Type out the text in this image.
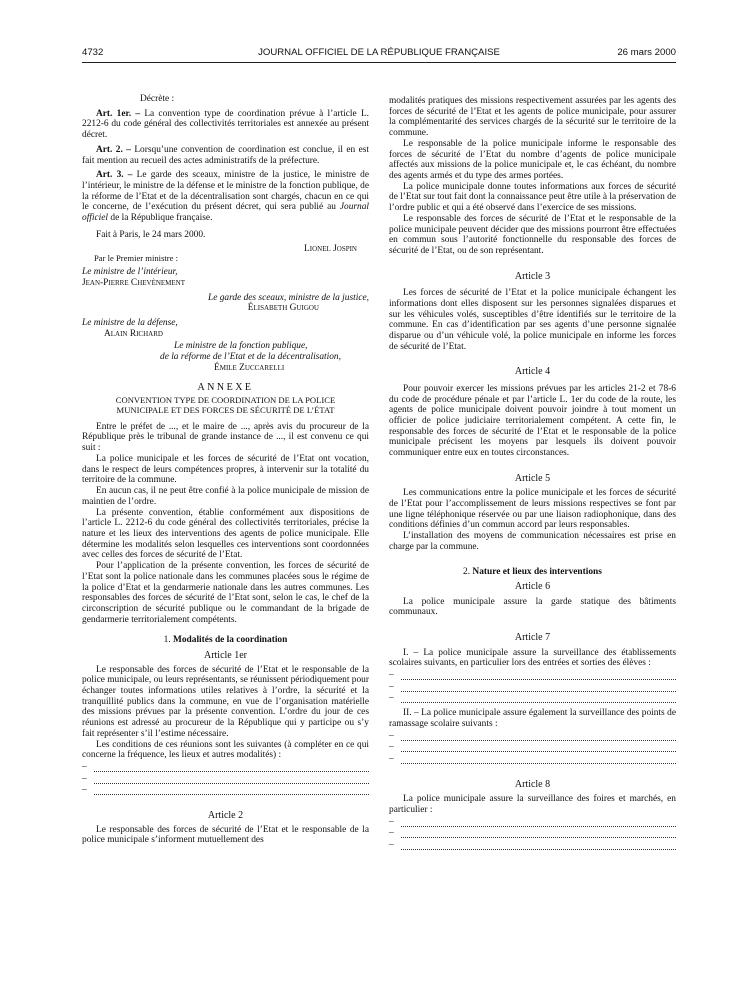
4732	JOURNAL OFFICIEL DE LA RÉPUBLIQUE FRANÇAISE	26 mars 2000

Décrète :

Art. 1er. – La convention type de coordination prévue à l’article L. 2212-6 du code général des collectivités territoriales est annexée au présent décret.

Art. 2. – Lorsqu’une convention de coordination est conclue, il en est fait mention au recueil des actes administratifs de la préfecture.

Art. 3. – Le garde des sceaux, ministre de la justice, le ministre de l’intérieur, le ministre de la défense et le ministre de la fonction publique, de la réforme de l’Etat et de la décentralisation sont chargés, chacun en ce qui le concerne, de l’exécution du présent décret, qui sera publié au Journal officiel de la République française.

Fait à Paris, le 24 mars 2000.

Lionel Jospin

Par le Premier ministre :

Le ministre de l’intérieur,

Jean-Pierre Chevènement

Le garde des sceaux, ministre de la justice,

Élisabeth Guigou

Le ministre de la défense,

Alain Richard

Le ministre de la fonction publique,

de la réforme de l’Etat et de la décentralisation,

Émile Zuccarelli

ANNEXE

CONVENTION TYPE DE COORDINATION DE LA POLICE MUNICIPALE ET DES FORCES DE SÉCURITÉ DE L’ÉTAT

Entre le préfet de ..., et le maire de ..., après avis du procureur de la République près le tribunal de grande instance de ..., il est convenu ce qui suit :

La police municipale et les forces de sécurité de l’Etat ont vocation, dans le respect de leurs compétences propres, à intervenir sur la totalité du territoire de la commune.

En aucun cas, il ne peut être confié à la police municipale de mission de maintien de l’ordre.

La présente convention, établie conformément aux dispositions de l’article L. 2212-6 du code général des collectivités territoriales, précise la nature et les lieux des interventions des agents de police municipale. Elle détermine les modalités selon lesquelles ces interventions sont coordonnées avec celles des forces de sécurité de l’Etat.

Pour l’application de la présente convention, les forces de sécurité de l’Etat sont la police nationale dans les communes placées sous le régime de la police d’Etat et la gendarmerie nationale dans les autres communes. Les responsables des forces de sécurité de l’Etat sont, selon le cas, le chef de la circonscription de sécurité publique ou le commandant de la brigade de gendarmerie territorialement compétents.

1. Modalités de la coordination

Article 1er

Le responsable des forces de sécurité de l’Etat et le responsable de la police municipale, ou leurs représentants, se réunissent périodiquement pour échanger toutes informations utiles relatives à l’ordre, la sécurité et la tranquillité publics dans la commune, en vue de l’organisation matérielle des missions prévues par la présente convention. L’ordre du jour de ces réunions est adressé au procureur de la République qui y participe ou s’y fait représenter s’il l’estime nécessaire.

Les conditions de ces réunions sont les suivantes (à compléter en ce qui concerne la fréquence, les lieux et autres modalités) :

–
–
–

Article 2

Le responsable des forces de sécurité de l’Etat et le responsable de la police municipale s’informent mutuellement des

modalités pratiques des missions respectivement assurées par les agents des forces de sécurité de l’Etat et les agents de police municipale, pour assurer la complémentarité des services chargés de la sécurité sur le territoire de la commune.

Le responsable de la police municipale informe le responsable des forces de sécurité de l’Etat du nombre d’agents de police municipale affectés aux missions de la police municipale et, le cas échéant, du nombre des agents armés et du type des armes portées.

La police municipale donne toutes informations aux forces de sécurité de l’Etat sur tout fait dont la connaissance peut être utile à la préservation de l’ordre public et qui a été observé dans l’exercice de ses missions.

Le responsable des forces de sécurité de l’Etat et le responsable de la police municipale peuvent décider que des missions pourront être effectuées en commun sous l’autorité fonctionnelle du responsable des forces de sécurité de l’Etat, ou de son représentant.

Article 3

Les forces de sécurité de l’Etat et la police municipale échangent les informations dont elles disposent sur les personnes signalées disparues et sur les véhicules volés, susceptibles d’être identifiés sur le territoire de la commune. En cas d’identification par ses agents d’une personne signalée disparue ou d’un véhicule volé, la police municipale en informe les forces de sécurité de l’Etat.

Article 4

Pour pouvoir exercer les missions prévues par les articles 21-2 et 78-6 du code de procédure pénale et par l’article L. 1er du code de la route, les agents de police municipale doivent pouvoir joindre à tout moment un officier de police judiciaire territorialement compétent. A cette fin, le responsable des forces de sécurité de l’Etat et le responsable de la police municipale précisent les moyens par lesquels ils doivent pouvoir communiquer entre eux en toutes circonstances.

Article 5

Les communications entre la police municipale et les forces de sécurité de l’Etat pour l’accomplissement de leurs missions respectives se font par une ligne téléphonique réservée ou par une liaison radiophonique, dans des conditions définies d’un commun accord par leurs responsables.

L’installation des moyens de communication nécessaires est prise en charge par la commune.

2. Nature et lieux des interventions

Article 6

La police municipale assure la garde statique des bâtiments communaux.

Article 7

I. – La police municipale assure la surveillance des établissements scolaires suivants, en particulier lors des entrées et sorties des élèves :

–
–
–

II. – La police municipale assure également la surveillance des points de ramassage scolaire suivants :

–
–
–

Article 8

La police municipale assure la surveillance des foires et marchés, en particulier :

–
–
–
